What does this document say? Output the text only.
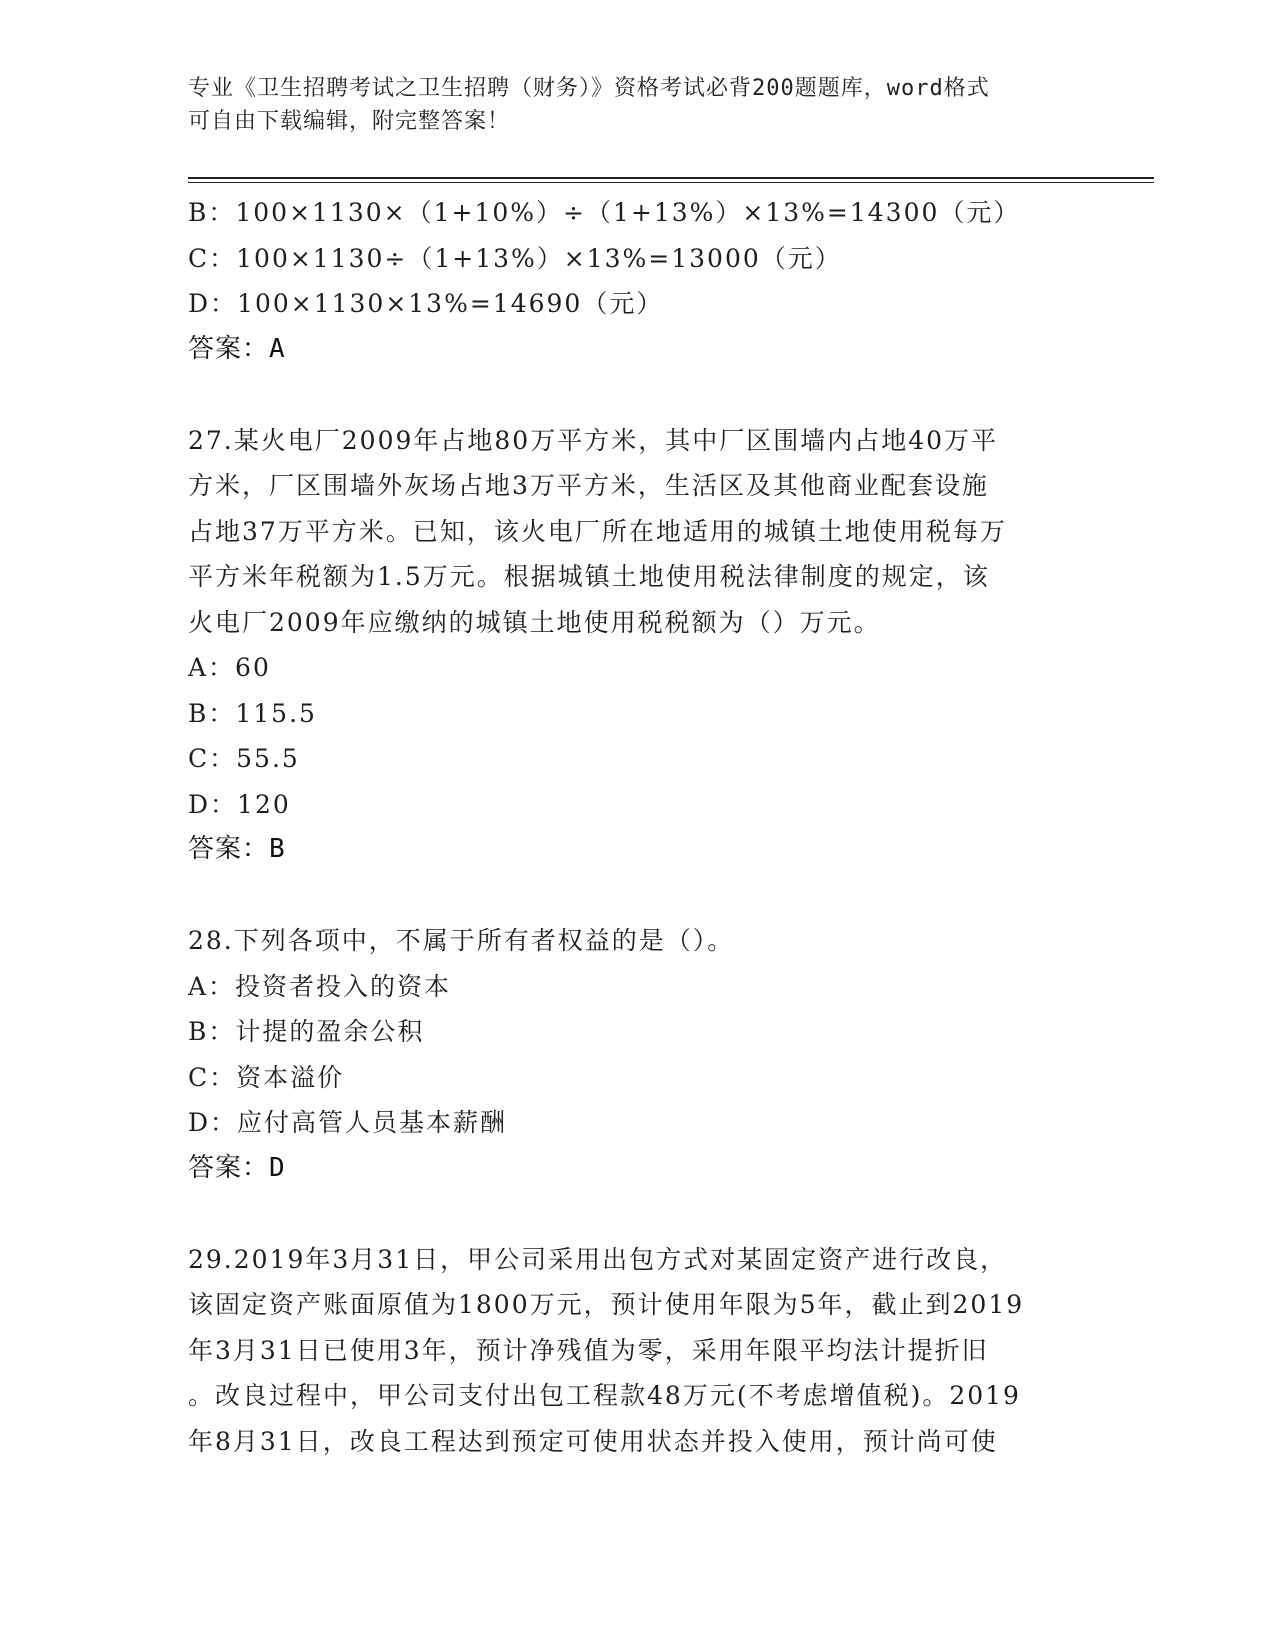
专业《卫生招聘考试之卫生招聘（财务）》资格考试必背200题题库，word格式
可自由下载编辑，附完整答案！
B：100×1130×（1+10%）÷（1+13%）×13%=14300（元）
C：100×1130÷（1+13%）×13%=13000（元）
D：100×1130×13%=14690（元）
答案：A
27.某火电厂2009年占地80万平方米，其中厂区围墙内占地40万平
方米，厂区围墙外灰场占地3万平方米，生活区及其他商业配套设施
占地37万平方米。已知，该火电厂所在地适用的城镇土地使用税每万
平方米年税额为1.5万元。根据城镇土地使用税法律制度的规定，该
火电厂2009年应缴纳的城镇土地使用税税额为（）万元。
A：60
B：115.5
C：55.5
D：120
答案：B
28.下列各项中，不属于所有者权益的是（）。
A：投资者投入的资本
B：计提的盈余公积
C：资本溢价
D：应付高管人员基本薪酬
答案：D
29.2019年3月31日，甲公司采用出包方式对某固定资产进行改良，
该固定资产账面原值为1800万元，预计使用年限为5年，截止到2019
年3月31日已使用3年，预计净残值为零，采用年限平均法计提折旧
。改良过程中，甲公司支付出包工程款48万元(不考虑增值税)。2019
年8月31日，改良工程达到预定可使用状态并投入使用，预计尚可使
